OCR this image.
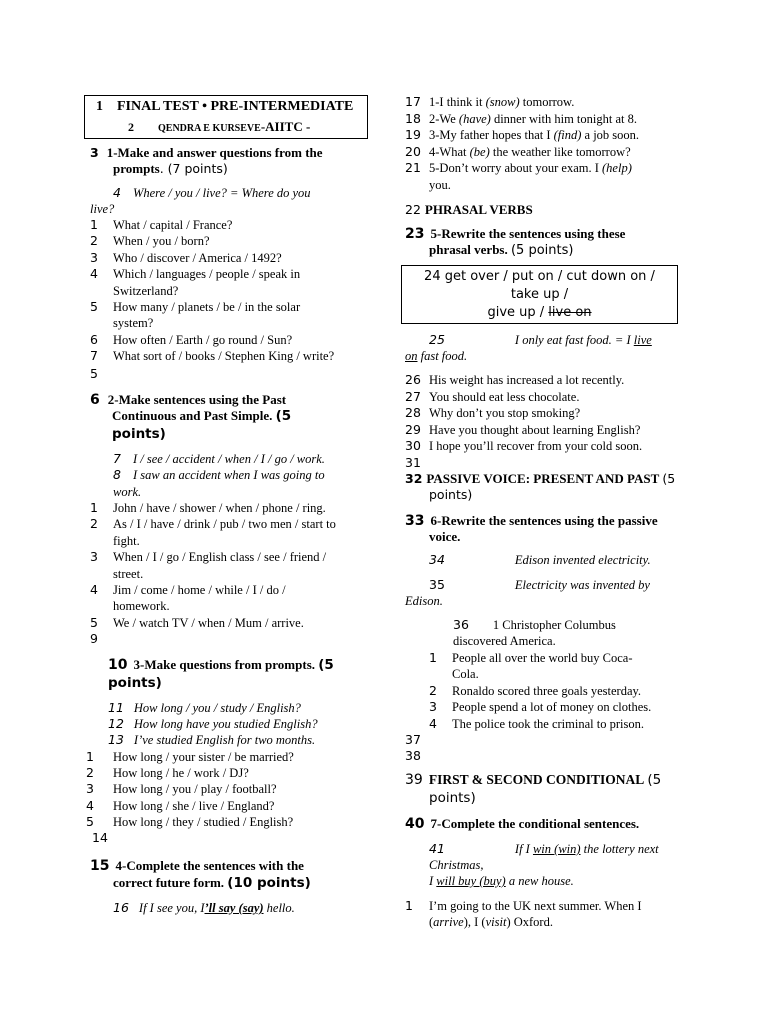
1 FINAL TEST • PRE-INTERMEDIATE
2 QENDRA E KURSEVE-AIITC -
3 1-Make and answer questions from the
prompts. (7 points)
4 Where / you / live? = Where do you
live?
1 What / capital / France?
2 When / you / born?
3 Who / discover / America / 1492?
4 Which / languages / people / speak in
Switzerland?
5 How many / planets / be / in the solar
system?
6 How often / Earth / go round / Sun?
7 What sort of / books / Stephen King / write?
5
6 2-Make sentences using the Past
Continuous and Past Simple. (5
points)
7 I / see / accident / when / I / go / work.
8 I saw an accident when I was going to
work.
1 John / have / shower / when / phone / ring.
2 As / I / have / drink / pub / two men / start to
fight.
3 When / I / go / English class / see / friend /
street.
4 Jim / come / home / while / I / do /
homework.
5 We / watch TV / when / Mum / arrive.
9
10 3-Make questions from prompts. (5
points)
11 How long / you / study / English?
12 How long have you studied English?
13 I’ve studied English for two months.
1 How long / your sister / be married?
2 How long / he / work / DJ?
3 How long / you / play / football?
4 How long / she / live / England?
5 How long / they / studied / English?
14
15 4-Complete the sentences with the
correct future form. (10 points)
16 If I see you, I’ll say (say) hello.
17 1-I think it (snow) tomorrow.
18 2-We (have) dinner with him tonight at 8.
19 3-My father hopes that I (find) a job soon.
20 4-What (be) the weather like tomorrow?
21 5-Don’t worry about your exam. I (help)
you.
22 PHRASAL VERBS
23 5-Rewrite the sentences using these
phrasal verbs. (5 points)
24 get over / put on / cut down on /
take up /
give up / live on
25	I only eat fast food. = I live
on fast food.
26 His weight has increased a lot recently.
27 You should eat less chocolate.
28 Why don’t you stop smoking?
29 Have you thought about learning English?
30 I hope you’ll recover from your cold soon.
31
32 PASSIVE VOICE: PRESENT AND PAST (5
points)
33 6-Rewrite the sentences using the passive
voice.
34	Edison invented electricity.
35	Electricity was invented by
Edison.
36 1 Christopher Columbus
discovered America.
1 People all over the world buy Coca-
Cola.
2 Ronaldo scored three goals yesterday.
3 People spend a lot of money on clothes.
4 The police took the criminal to prison.
37
38
39 FIRST & SECOND CONDITIONAL (5
points)
40 7-Complete the conditional sentences.
41	If I win (win) the lottery next
Christmas,
I will buy (buy) a new house.
1 I’m going to the UK next summer. When I
(arrive), I (visit) Oxford.
